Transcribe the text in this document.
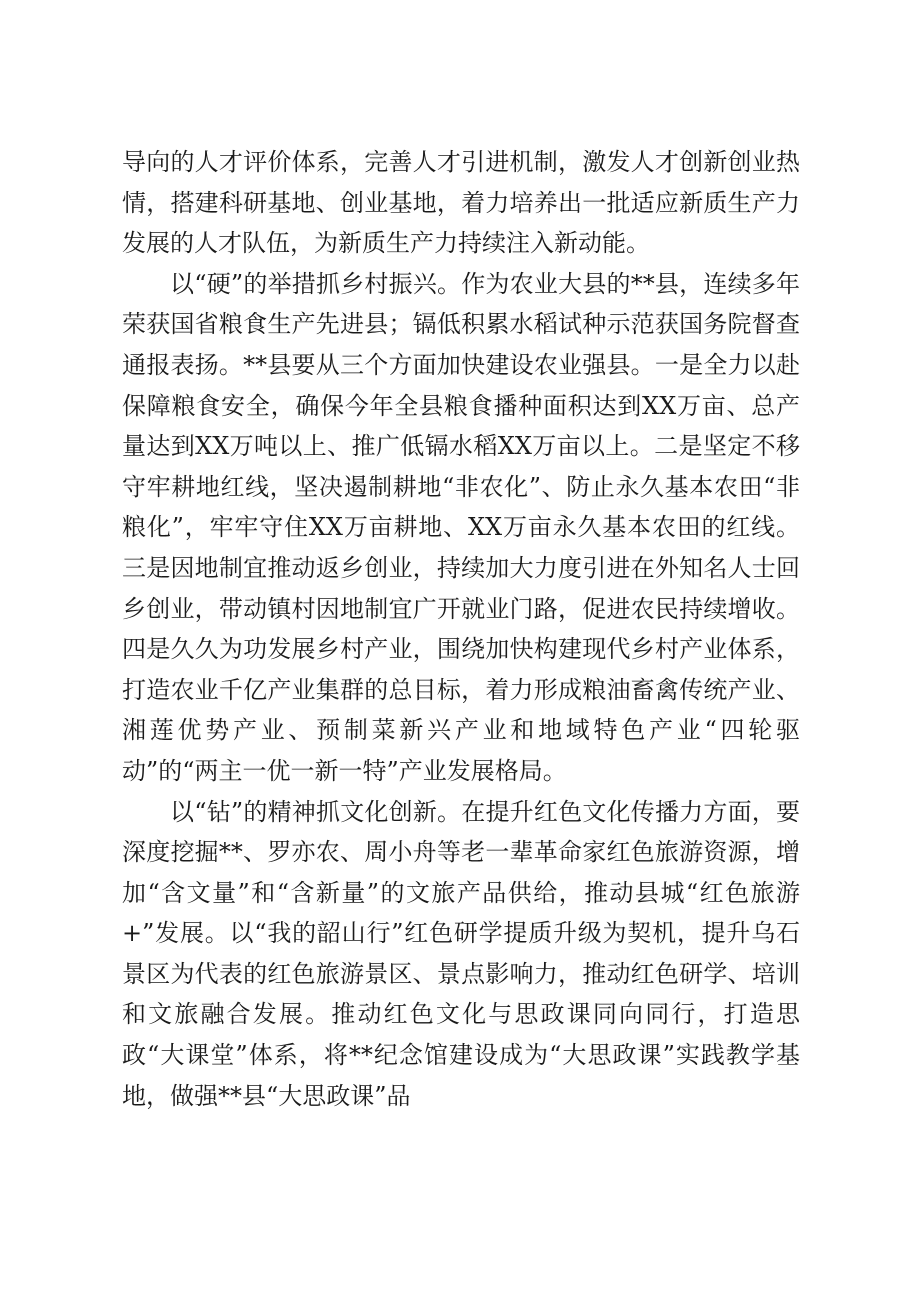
导向的人才评价体系，完善人才引进机制，激发人才创新创业热情，搭建科研基地、创业基地，着力培养出一批适应新质生产力发展的人才队伍，为新质生产力持续注入新动能。

以“硬”的举措抓乡村振兴。作为农业大县的**县，连续多年荣获国省粮食生产先进县；镉低积累水稻试种示范获国务院督查通报表扬。**县要从三个方面加快建设农业强县。一是全力以赴保障粮食安全，确保今年全县粮食播种面积达到XX万亩、总产量达到XX万吨以上、推广低镉水稻XX万亩以上。二是坚定不移守牢耕地红线，坚决遏制耕地“非农化”、防止永久基本农田“非粮化”，牢牢守住XX万亩耕地、XX万亩永久基本农田的红线。三是因地制宜推动返乡创业，持续加大力度引进在外知名人士回乡创业，带动镇村因地制宜广开就业门路，促进农民持续增收。四是久久为功发展乡村产业，围绕加快构建现代乡村产业体系，打造农业千亿产业集群的总目标，着力形成粮油畜禽传统产业、湘莲优势产业、预制菜新兴产业和地域特色产业“四轮驱动”的“两主一优一新一特”产业发展格局。

以“钻”的精神抓文化创新。在提升红色文化传播力方面，要深度挖掘**、罗亦农、周小舟等老一辈革命家红色旅游资源，增加“含文量”和“含新量”的文旅产品供给，推动县城“红色旅游+”发展。以“我的韶山行”红色研学提质升级为契机，提升乌石景区为代表的红色旅游景区、景点影响力，推动红色研学、培训和文旅融合发展。推动红色文化与思政课同向同行，打造思政“大课堂”体系，将**纪念馆建设成为“大思政课”实践教学基地，做强**县“大思政课”品
